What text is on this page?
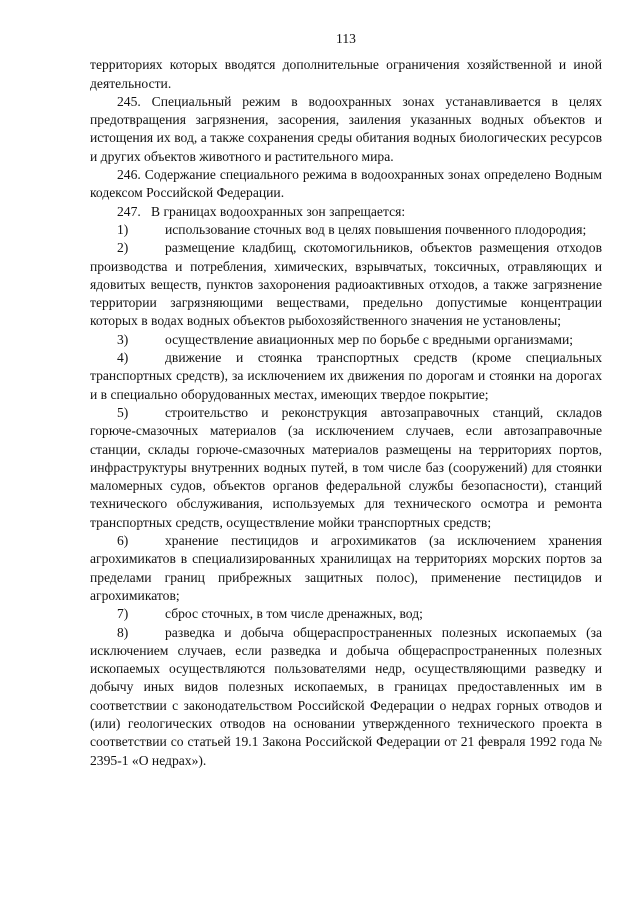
113

территориях которых вводятся дополнительные ограничения хозяйственной и иной деятельности.

245. Специальный режим в водоохранных зонах устанавливается в целях предотвращения загрязнения, засорения, заиления указанных водных объектов и истощения их вод, а также сохранения среды обитания водных биологических ресурсов и других объектов животного и растительного мира.

246. Содержание специального режима в водоохранных зонах определено Водным кодексом Российской Федерации.

247. В границах водоохранных зон запрещается:

1)	использование сточных вод в целях повышения почвенного плодородия;

2)	размещение кладбищ, скотомогильников, объектов размещения отходов производства и потребления, химических, взрывчатых, токсичных, отравляющих и ядовитых веществ, пунктов захоронения радиоактивных отходов, а также загрязнение территории загрязняющими веществами, предельно допустимые концентрации которых в водах водных объектов рыбохозяйственного значения не установлены;

3)	осуществление авиационных мер по борьбе с вредными организмами;

4)	движение и стоянка транспортных средств (кроме специальных транспортных средств), за исключением их движения по дорогам и стоянки на дорогах и в специально оборудованных местах, имеющих твердое покрытие;

5)	строительство и реконструкция автозаправочных станций, складов горюче-смазочных материалов (за исключением случаев, если автозаправочные станции, склады горюче-смазочных материалов размещены на территориях портов, инфраструктуры внутренних водных путей, в том числе баз (сооружений) для стоянки маломерных судов, объектов органов федеральной службы безопасности), станций технического обслуживания, используемых для технического осмотра и ремонта транспортных средств, осуществление мойки транспортных средств;

6)	хранение пестицидов и агрохимикатов (за исключением хранения агрохимикатов в специализированных хранилищах на территориях морских портов за пределами границ прибрежных защитных полос), применение пестицидов и агрохимикатов;

7)	сброс сточных, в том числе дренажных, вод;

8)	разведка и добыча общераспространенных полезных ископаемых (за исключением случаев, если разведка и добыча общераспространенных полезных ископаемых осуществляются пользователями недр, осуществляющими разведку и добычу иных видов полезных ископаемых, в границах предоставленных им в соответствии с законодательством Российской Федерации о недрах горных отводов и (или) геологических отводов на основании утвержденного технического проекта в соответствии со статьей 19.1 Закона Российской Федерации от 21 февраля 1992 года № 2395-1 «О недрах»).
